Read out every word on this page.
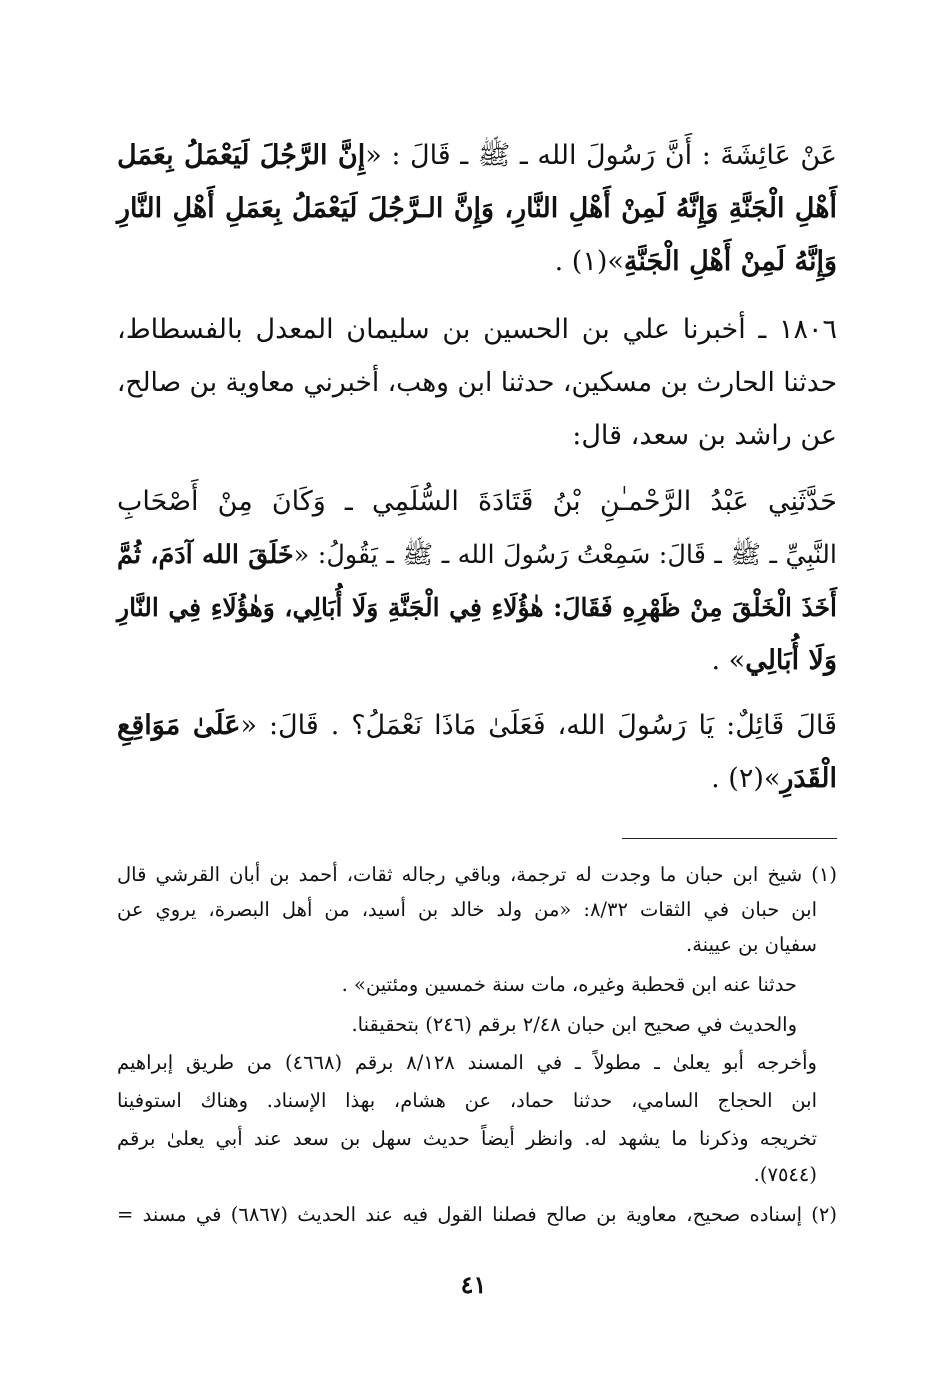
عَنْ عَائِشَةَ : أَنَّ رَسُولَ الله ـ ﷺ ـ قَالَ : «إِنَّ الرَّجُلَ لَيَعْمَلُ بِعَمَل
أَهْلِ الْجَنَّةِ وَإِنَّهُ لَمِنْ أَهْلِ النَّارِ، وَإِنَّ الـرَّجُلَ لَيَعْمَلُ بِعَمَلِ أَهْلِ النَّارِ
وَإِنَّهُ لَمِنْ أَهْلِ الْجَنَّةِ»(١) .
١٨٠٦ ـ أخبرنا علي بن الحسين بن سليمان المعدل بالفسطاط،
حدثنا الحارث بن مسكين، حدثنا ابن وهب، أخبرني معاوية بن صالح،
عن راشد بن سعد، قال:
حَدَّثَنِي عَبْدُ الرَّحْمـٰنِ بْنُ قَتَادَةَ السُّلَمِي ـ وَكَانَ مِنْ أَصْحَابِ
النَّبِيِّ ـ ﷺ ـ قَالَ: سَمِعْتُ رَسُولَ الله ـ ﷺ ـ يَقُولُ: «خَلَقَ الله آدَمَ، ثُمَّ
أَخَذَ الْخَلْقَ مِنْ ظَهْرِهِ فَقَالَ: هٰؤُلَاءِ فِي الْجَنَّةِ وَلَا أُبَالِي، وَهٰؤُلَاءِ فِي النَّارِ
وَلَا أُبَالِي» .
قَالَ قَائِلٌ: يَا رَسُولَ الله، فَعَلَىٰ مَاذَا نَعْمَلُ؟ . قَالَ: «عَلَىٰ مَوَاقِعِ
الْقَدَرِ»(٢) .
(١) شيخ ابن حبان ما وجدت له ترجمة، وباقي رجاله ثقات، أحمد بن أبان القرشي قال
ابن حبان في الثقات ٨/٣٢: «من ولد خالد بن أسيد، من أهل البصرة، يروي عن
سفيان بن عيينة.
حدثنا عنه ابن قحطبة وغيره، مات سنة خمسين ومئتين» .
والحديث في صحيح ابن حبان ٢/٤٨ برقم (٢٤٦) بتحقيقنا.
وأخرجه أبو يعلىٰ ـ مطولاً ـ في المسند ٨/١٢٨ برقم (٤٦٦٨) من طريق إبراهيم
ابن الحجاج السامي، حدثنا حماد، عن هشام، بهذا الإسناد. وهناك استوفينا
تخريجه وذكرنا ما يشهد له. وانظر أيضاً حديث سهل بن سعد عند أبي يعلىٰ برقم
(٧٥٤٤).
(٢) إسناده صحيح، معاوية بن صالح فصلنا القول فيه عند الحديث (٦٨٦٧) في مسند =
٤١
